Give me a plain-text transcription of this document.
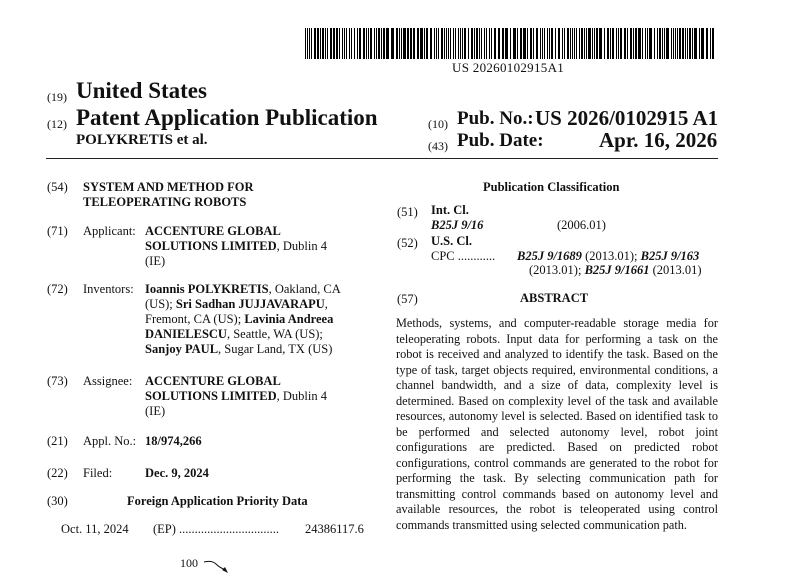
US 20260102915A1
(19) United States
(12) Patent Application Publication
POLYKRETIS et al.
(10) Pub. No.: US 2026/0102915 A1
(43) Pub. Date:	Apr. 16, 2026
(54) SYSTEM AND METHOD FOR
TELEOPERATING ROBOTS
(71) Applicant: ACCENTURE GLOBAL
SOLUTIONS LIMITED, Dublin 4
(IE)
(72) Inventors: Ioannis POLYKRETIS, Oakland, CA
(US); Sri Sadhan JUJJAVARAPU,
Fremont, CA (US); Lavinia Andreea
DANIELESCU, Seattle, WA (US);
Sanjoy PAUL, Sugar Land, TX (US)
(73) Assignee: ACCENTURE GLOBAL
SOLUTIONS LIMITED, Dublin 4
(IE)
(21) Appl. No.: 18/974,266
(22) Filed:	Dec. 9, 2024
(30)	Foreign Application Priority Data
Oct. 11, 2024 (EP) ................................ 24386117.6
Publication Classification
(51) Int. Cl.
B25J 9/16	(2006.01)
(52) U.S. Cl.
CPC ............ B25J 9/1689 (2013.01); B25J 9/163
(2013.01); B25J 9/1661 (2013.01)
(57)	ABSTRACT
Methods, systems, and computer-readable storage media for teleoperating robots. Input data for performing a task on the robot is received and analyzed to identify the task. Based on the type of task, target objects required, environmental conditions, a channel bandwidth, and a size of data, complexity level is determined. Based on complexity level of the task and available resources, autonomy level is selected. Based on identified task to be performed and selected autonomy level, robot joint configurations are predicted. Based on predicted robot configurations, control commands are generated to the robot for performing the task. By selecting communication path for transmitting control commands based on autonomy level and available resources, the robot is teleoperated using control commands transmitted using selected communication path.
100
